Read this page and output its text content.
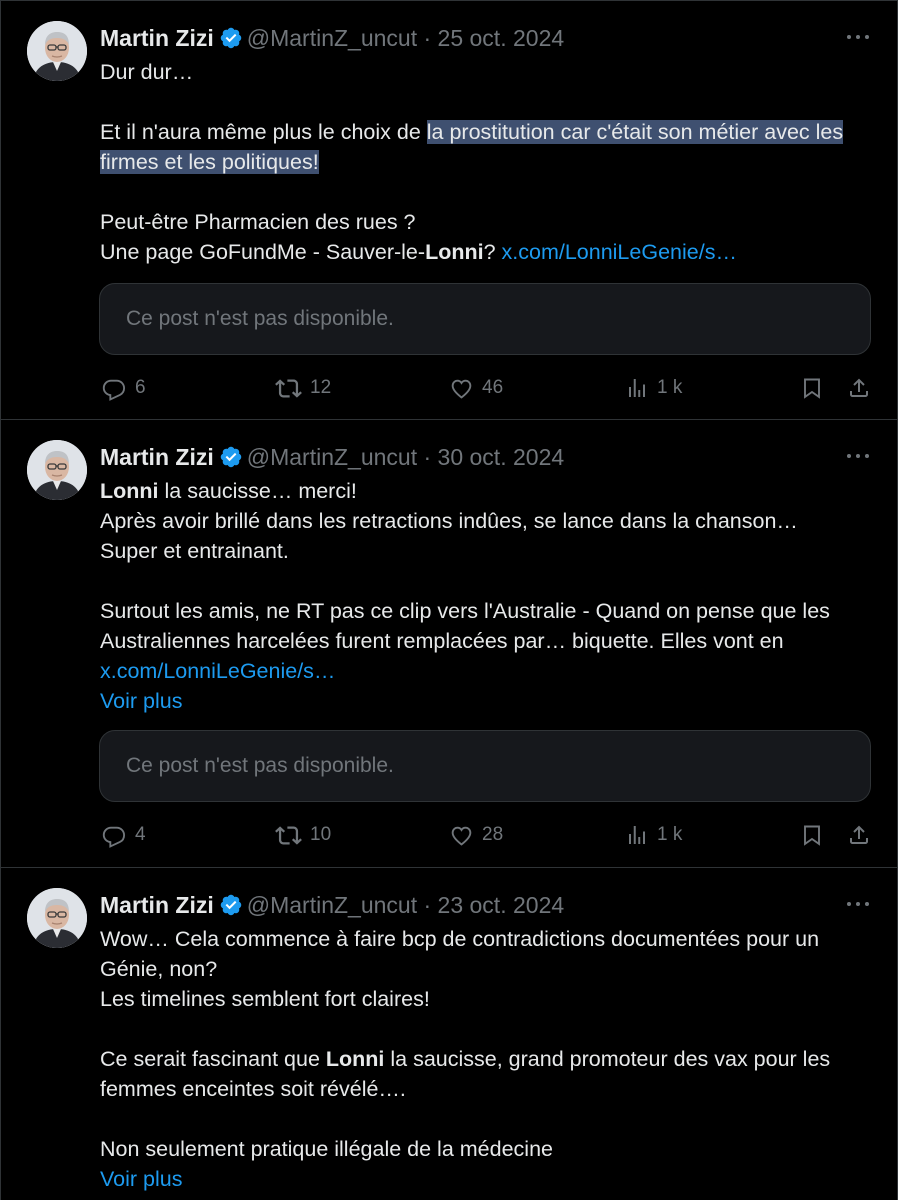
Martin Zizi @MartinZ_uncut · 25 oct. 2024
Dur dur…

Et il n'aura même plus le choix de la prostitution car c'était son métier avec les firmes et les politiques!

Peut-être Pharmacien des rues ?
Une page GoFundMe - Sauver-le-Lonni? x.com/LonniLeGenie/s…
Ce post n'est pas disponible.
6	12	46	1 k
Martin Zizi @MartinZ_uncut · 30 oct. 2024
Lonni la saucisse… merci!
Après avoir brillé dans les retractions indûes, se lance dans la chanson…
Super et entrainant.

Surtout les amis, ne RT pas ce clip vers l'Australie - Quand on pense que les Australiennes harcelées furent remplacées par… biquette. Elles vont en
x.com/LonniLeGenie/s…

Voir plus
Ce post n'est pas disponible.
4	10	28	1 k
Martin Zizi @MartinZ_uncut · 23 oct. 2024
Wow… Cela commence à faire bcp de contradictions documentées pour un Génie, non?
Les timelines semblent fort claires!

Ce serait fascinant que Lonni la saucisse, grand promoteur des vax pour les femmes enceintes soit révélé….

Non seulement pratique illégale de la médecine

Voir plus
